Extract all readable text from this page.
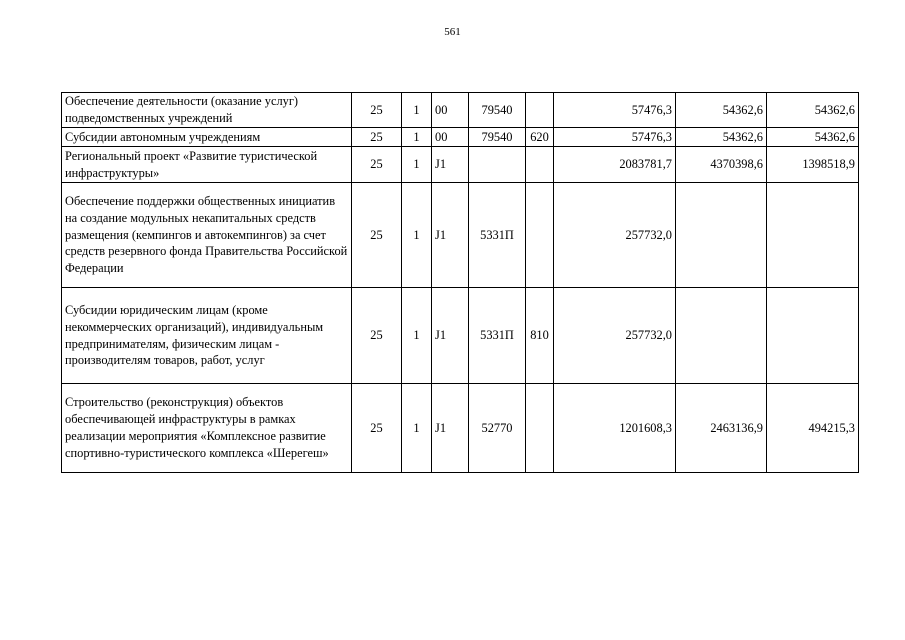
561
Обеспечение деятельности (оказание услуг) подведомственных учреждений	25	1	00	79540		57476,3	54362,6	54362,6
Субсидии автономным учреждениям	25	1	00	79540	620	57476,3	54362,6	54362,6
Региональный проект «Развитие туристической инфраструктуры»	25	1	J1			2083781,7	4370398,6	1398518,9
Обеспечение поддержки общественных инициатив на создание модульных некапитальных средств размещения (кемпингов и автокемпингов) за счет средств резервного фонда Правительства Российской Федерации	25	1	J1	5331П		257732,0		
Субсидии юридическим лицам (кроме некоммерческих организаций), индивидуальным предпринимателям, физическим лицам - производителям товаров, работ, услуг	25	1	J1	5331П	810	257732,0		
Строительство (реконструкция) объектов обеспечивающей инфраструктуры в рамках реализации мероприятия «Комплексное развитие спортивно-туристического комплекса «Шерегеш»	25	1	J1	52770		1201608,3	2463136,9	494215,3
